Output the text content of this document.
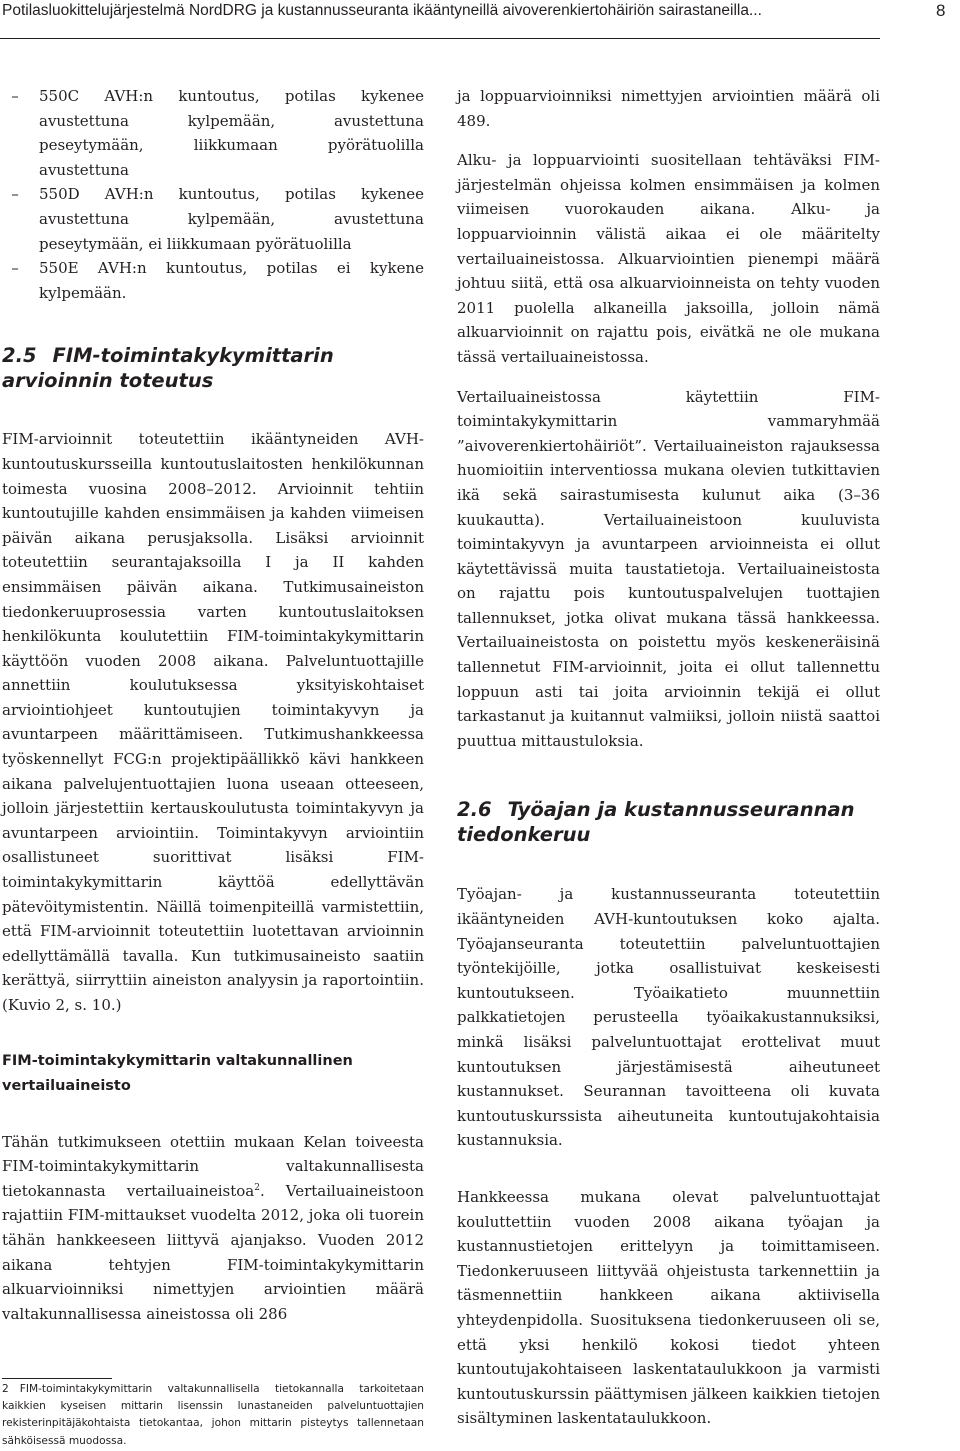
Potilasluokittelujärjestelmä NordDRG ja kustannusseuranta ikääntyneillä aivoverenkiertohäiriön sairastaneilla...	8
–	550C AVH:n kuntoutus, potilas kykenee avustettuna kylpemään, avustettuna peseytymään, liikkumaan pyörätuolilla avustettuna
–	550D AVH:n kuntoutus, potilas kykenee avustettuna kylpemään, avustettuna peseytymään, ei liikkumaan pyörätuolilla
–	550E AVH:n kuntoutus, potilas ei kykene kylpemään.
2.5 FIM-toimintakykymittarin arvioinnin toteutus

FIM-arvioinnit toteutettiin ikääntyneiden AVH-kuntoutuskursseilla kuntoutuslaitosten henkilökunnan toimesta vuosina 2008–2012. Arvioinnit tehtiin kuntoutujille kahden ensimmäisen ja kahden viimeisen päivän aikana perusjaksolla. Lisäksi arvioinnit toteutettiin seurantajaksoilla I ja II kahden ensimmäisen päivän aikana. Tutkimusaineiston tiedonkeruuprosessia varten kuntoutuslaitoksen henkilökunta koulutettiin FIM-toimintakykymittarin käyttöön vuoden 2008 aikana. Palveluntuottajille annettiin koulutuksessa yksityiskohtaiset arviointiohjeet kuntoutujien toimintakyvyn ja avuntarpeen määrittämiseen. Tutkimushankkeessa työskennellyt FCG:n projektipäällikkö kävi hankkeen aikana palvelujentuottajien luona useaan otteeseen, jolloin järjestettiin kertauskoulutusta toimintakyvyn ja avuntarpeen arviointiin. Toimintakyvyn arviointiin osallistuneet suorittivat lisäksi FIM-toimintakykymittarin käyttöä edellyttävän pätevöitymistentin. Näillä toimenpiteillä varmistettiin, että FIM-arvioinnit toteutettiin luotettavan arvioinnin edellyttämällä tavalla. Kun tutkimusaineisto saatiin kerättyä, siirryttiin aineiston analyysin ja raportointiin. (Kuvio 2, s. 10.)

FIM-toimintakykymittarin valtakunnallinen vertailuaineisto

Tähän tutkimukseen otettiin mukaan Kelan toiveesta FIM-toimintakykymittarin valtakunnallisesta tietokannasta vertailuaineistoa$^2$. Vertailuaineistoon rajattiin FIM-mittaukset vuodelta 2012, joka oli tuorein tähän hankkeeseen liittyvä ajanjakso. Vuoden 2012 aikana tehtyjen FIM-toimintakykymittarin alkuarvioinniksi nimettyjen arviointien määrä valtakunnallisessa aineistossa oli 286

ja loppuarvioinniksi nimettyjen arviointien määrä oli 489.

Alku- ja loppuarviointi suositellaan tehtäväksi FIM-järjestelmän ohjeissa kolmen ensimmäisen ja kolmen viimeisen vuorokauden aikana. Alku- ja loppuarvioinnin välistä aikaa ei ole määritelty vertailuaineistossa. Alkuarviointien pienempi määrä johtuu siitä, että osa alkuarvioinneista on tehty vuoden 2011 puolella alkaneilla jaksoilla, jolloin nämä alkuarvioinnit on rajattu pois, eivätkä ne ole mukana tässä vertailuaineistossa.

Vertailuaineistossa käytettiin FIM-toimintakykymittarin vammaryhmää ”aivoverenkiertohäiriöt”. Vertailuaineiston rajauksessa huomioitiin interventiossa mukana olevien tutkittavien ikä sekä sairastumisesta kulunut aika (3–36 kuukautta). Vertailuaineistoon kuuluvista toimintakyvyn ja avuntarpeen arvioinneista ei ollut käytettävissä muita taustatietoja. Vertailuaineistosta on rajattu pois kuntoutuspalvelujen tuottajien tallennukset, jotka olivat mukana tässä hankkeessa. Vertailuaineistosta on poistettu myös keskeneräisinä tallennetut FIM-arvioinnit, joita ei ollut tallennettu loppuun asti tai joita arvioinnin tekijä ei ollut tarkastanut ja kuitannut valmiiksi, jolloin niistä saattoi puuttua mittaustuloksia.

2.6 Työajan ja kustannusseurannan tiedonkeruu

Työajan- ja kustannusseuranta toteutettiin ikääntyneiden AVH-kuntoutuksen koko ajalta. Työajanseuranta toteutettiin palveluntuottajien työntekijöille, jotka osallistuivat keskeisesti kuntoutukseen. Työaikatieto muunnettiin palkkatietojen perusteella työaikakustannuksiksi, minkä lisäksi palveluntuottajat erottelivat muut kuntoutuksen järjestämisestä aiheutuneet kustannukset. Seurannan tavoitteena oli kuvata kuntoutuskurssista aiheutuneita kuntoutujakohtaisia kustannuksia.

Hankkeessa mukana olevat palveluntuottajat kouluttettiin vuoden 2008 aikana työajan ja kustannustietojen erittelyyn ja toimittamiseen. Tiedonkeruuseen liittyvää ohjeistusta tarkennettiin ja täsmennettiin hankkeen aikana aktiivisella yhteydenpidolla. Suosituksena tiedonkeruuseen oli se, että yksi henkilö kokosi tiedot yhteen kuntoutujakohtaiseen laskentataulukkoon ja varmisti kuntoutuskurssin päättymisen jälkeen kaikkien tietojen sisältyminen laskentataulukkoon.

2 FIM-toimintakykymittarin valtakunnallisella tietokannalla tarkoitetaan kaikkien kyseisen mittarin lisenssin lunastaneiden palveluntuottajien rekisterinpitäjäkohtaista tietokantaa, johon mittarin pisteytys tallennetaan sähköisessä muodossa.
